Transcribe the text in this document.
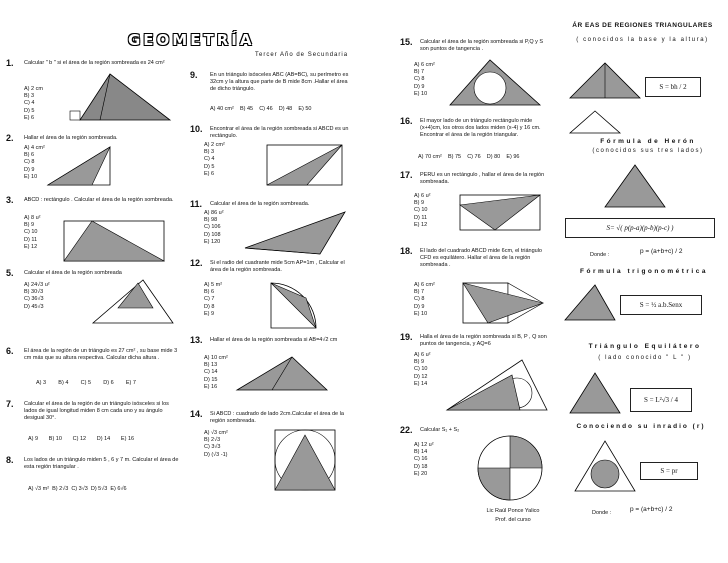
GEOMETRÍA
Tercer Año de Secundaria
1. Calcular " b " si el área de la región sombreada es 24 cm²
A) 2 cm
B) 3
C) 4
D) 5
E) 6
2. Hallar el área de la región sombreada.
A) 4 cm²
B) 6
C) 8
D) 9
E) 10
3. ABCD : rectángulo . Calcular el área de la región sombreada.
A) 8 u²
B) 9
C) 10
D) 11
E) 12
5. Calcular el área de la región sombreada
A) 24√3 u²
B) 30√3
C) 36√3
D) 45√3
6. El área de la región de un triángulo es 27 cm² , su base mide 3 cm más que su altura respectiva. Calcular dicha altura .
A) 3        B) 4        C) 5        D) 6        E) 7
7. Calcular el área de la región de un triángulo isósceles si los lados de igual longitud miden 8 cm cada uno y su ángulo desigual 30°.
A) 9       B) 10       C) 12       D) 14       E) 16
8. Los lados de un triángulo miden 5 , 6 y 7 m. Calcular el área de esta región triangular .
A) √3 m²  B) 2√3  C) 3√3  D) 5√3  E) 6√6
9. En un triángulo isósceles ABC (AB=BC), su perímetro es 32cm y la altura que parte de B mide 8cm .Hallar el área de dicho triángulo.
A) 40 cm²    B) 45    C) 46    D) 48    E) 50
10. Encontrar el área de la región sombreada si ABCD es un rectángulo.
A) 2 cm²
B) 3
C) 4
D) 5
E) 6
11. Calcular el área de la región sombreada.
A) 86 u²
B) 98
C) 106
D) 108
E) 120
12. Si el radio del cuadrante mide 5cm AP=1m , Calcular el área de la región sombreada.
A) 5 m²
B) 6
C) 7
D) 8
E) 9
13. Hallar el área de la región sombreada si AB=4√2 cm
A) 10 cm²
B) 13
C) 14
D) 15
E) 16
14. Si ABCD : cuadrado de lado 2cm.Calcular el área de la región sombreada.
A) √3 cm²
B) 2√3
C) 3√3
D) (√3 -1)
15. Calcular el área de la región sombreada si P,Q y S son puntos de tangencia .
A) 6 cm²
B) 7
C) 8
D) 9
E) 10
16. El mayor lado de un triángulo rectángulo mide (x+4)cm, los otros dos lados miden (x-4) y 16 cm. Encontrar el área de la región triangular.
A) 70 cm²    B) 75    C) 76    D) 80    E) 96
17. PERU es un rectángulo , hallar el área de la región sombreada.
A) 6 u²
B) 9
C) 10
D) 11
E) 12
18. El lado del cuadrado ABCD mide 6cm, el triángulo CFD es equilátero. Hallar el área de la región sombreada .
A) 6 cm²
B) 7
C) 8
D) 9
E) 10
19. Halla el área de la región sombreada si B, P , Q son puntos de tangencia, y AQ=6
A) 6 u²
B) 9
C) 10
D) 12
E) 14
22. Calcular S₁ + S₂
A) 12 u²
B) 14
C) 16
D) 18
E) 20
Lic Raúl Ponce Yalico
Prof. del curso
ÁR EAS DE REGIONES TRIANGULARES
( conocidos la base y la altura)
S = bh / 2
Fórmula de Herón
(conocidos sus tres lados)
S= √( p(p-a)(p-b)(p-c) )
Donde :	p = (a+b+c) / 2
Fórmula trigonométrica
S = ½ a.b.Senx
Triángulo Equilátero
( lado conocido " L " )
S = L²√3 / 4
Conociendo su inradio (r)
S = pr
Donde :	p = (a+b+c) / 2
